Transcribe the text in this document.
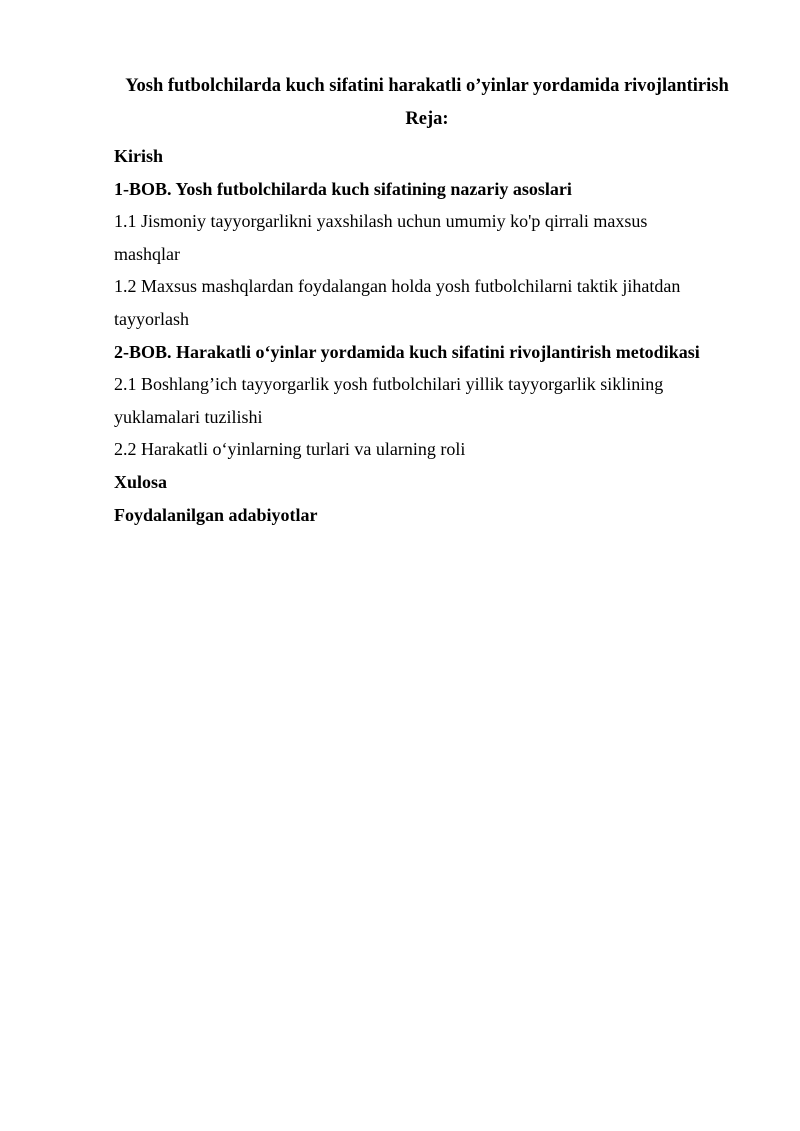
Yosh futbolchilarda kuch sifatini harakatli o’yinlar yordamida rivojlantirish
Reja:
Kirish
1-BOB. Yosh futbolchilarda kuch sifatining nazariy asoslari
1.1 Jismoniy tayyorgarlikni yaxshilash uchun umumiy ko'p qirrali maxsus
mashqlar
1.2 Maxsus mashqlardan foydalangan holda yosh futbolchilarni taktik jihatdan
tayyorlash
2-BOB. Harakatli o‘yinlar yordamida kuch sifatini rivojlantirish metodikasi
2.1 Boshlang’ich tayyorgarlik yosh futbolchilari yillik tayyorgarlik siklining
yuklamalari tuzilishi
2.2 Harakatli o‘yinlarning turlari va ularning roli
Xulosa
Foydalanilgan adabiyotlar
